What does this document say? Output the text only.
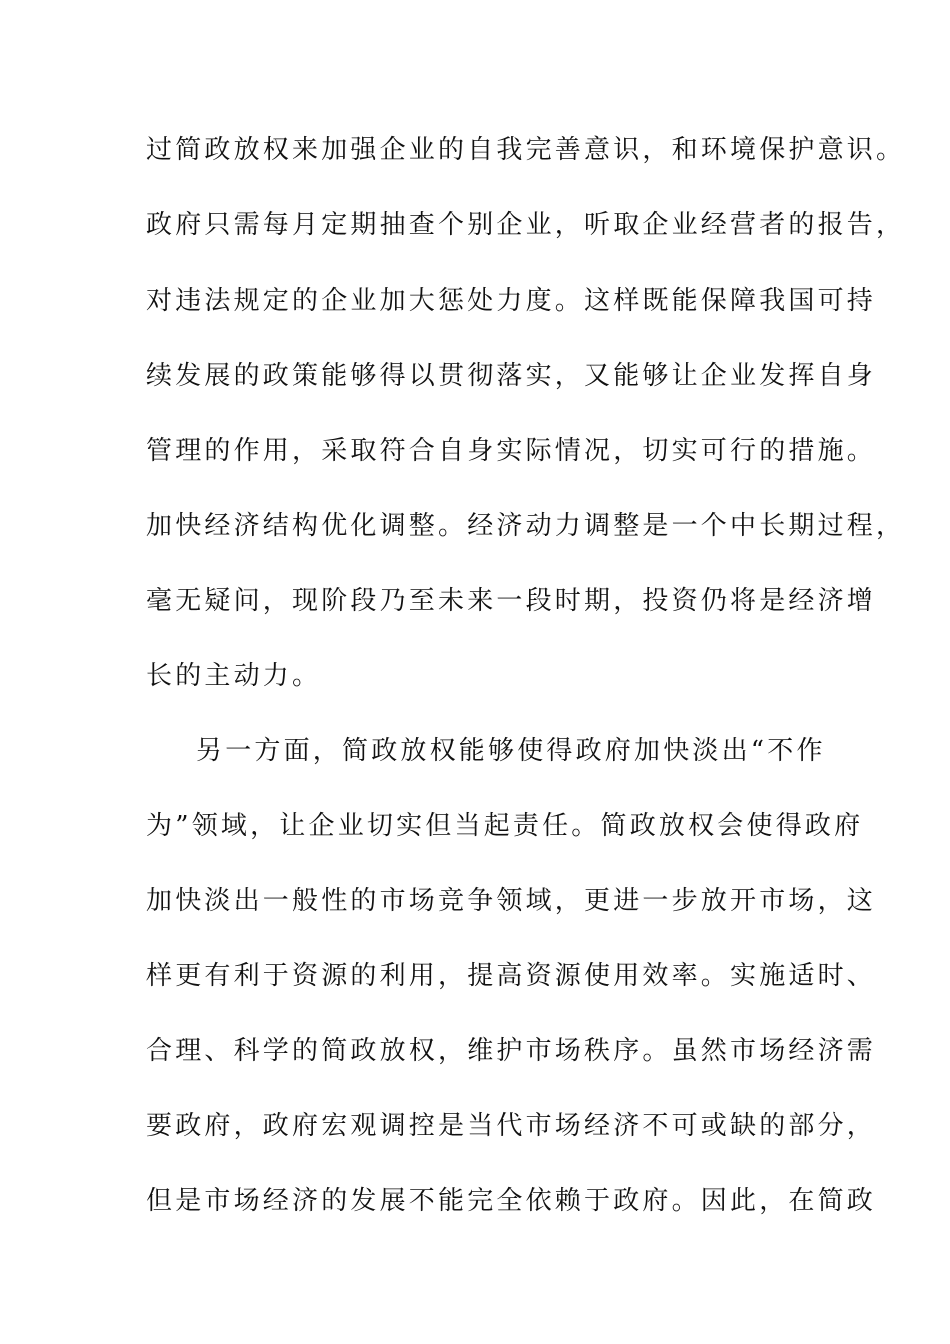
过简政放权来加强企业的自我完善意识，和环境保护意识。
政府只需每月定期抽查个别企业，听取企业经营者的报告，
对违法规定的企业加大惩处力度。这样既能保障我国可持
续发展的政策能够得以贯彻落实，又能够让企业发挥自身
管理的作用，采取符合自身实际情况，切实可行的措施。
加快经济结构优化调整。经济动力调整是一个中长期过程，
毫无疑问，现阶段乃至未来一段时期，投资仍将是经济增
长的主动力。
另一方面，简政放权能够使得政府加快淡出“不作
为”领域，让企业切实但当起责任。简政放权会使得政府
加快淡出一般性的市场竞争领域，更进一步放开市场，这
样更有利于资源的利用，提高资源使用效率。实施适时、
合理、科学的简政放权，维护市场秩序。虽然市场经济需
要政府，政府宏观调控是当代市场经济不可或缺的部分，
但是市场经济的发展不能完全依赖于政府。因此，在简政
